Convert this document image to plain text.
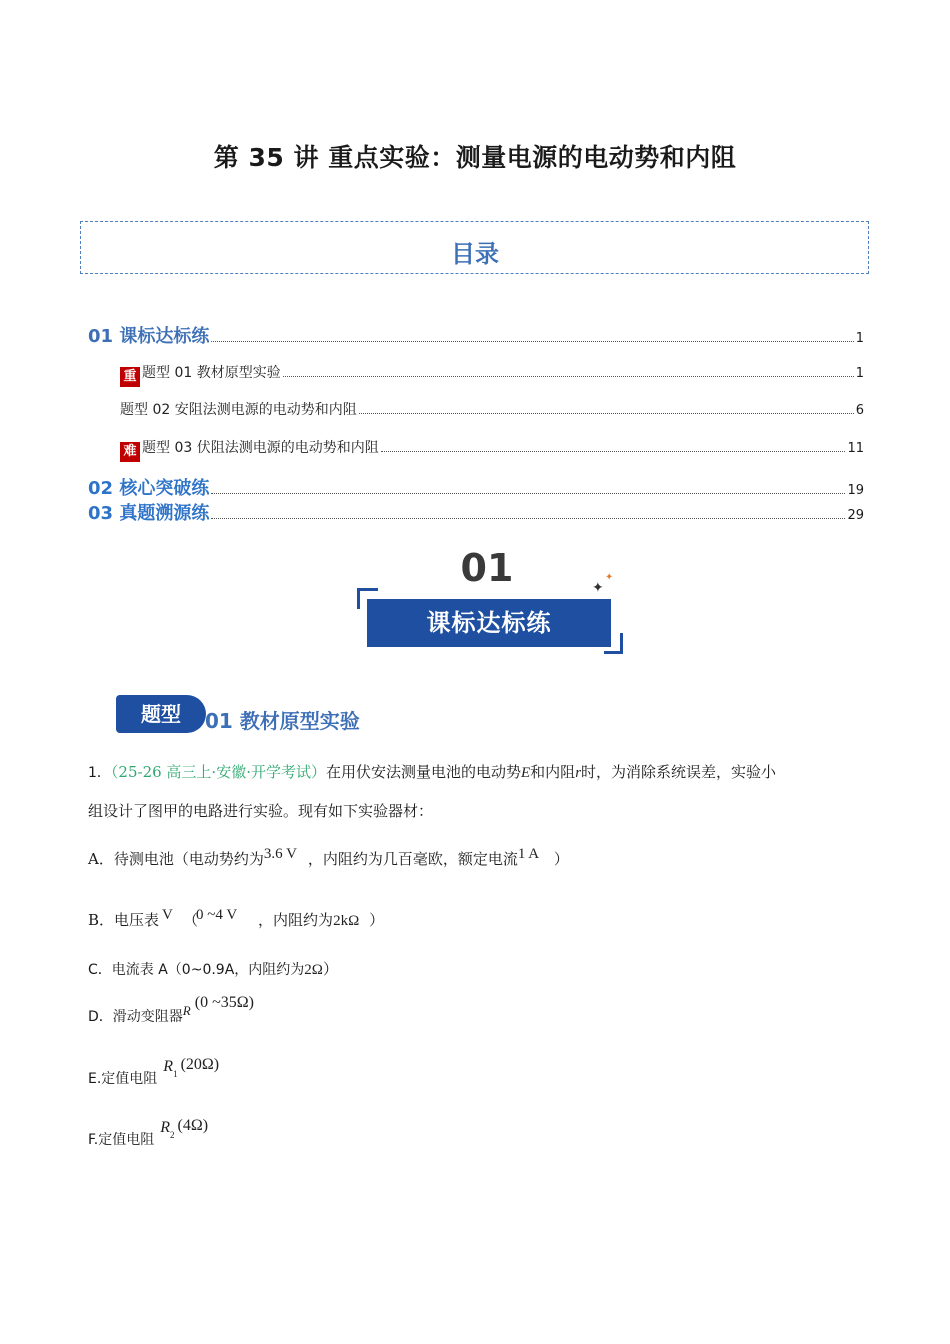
第 35 讲 重点实验：测量电源的电动势和内阻
目录
01 课标达标练	1
重 题型 01 教材原型实验	1
题型 02 安阻法测电源的电动势和内阻	6
难 题型 03 伏阻法测电源的电动势和内阻	11
02 核心突破练	19
03 真题溯源练	29
01	✦
✦
课标达标练
题型	01 教材原型实验
1．（25-26 高三上·安徽·开学考试）在用伏安法测量电池的电动势E和内阻r时，为消除系统误差，实验小
组设计了图甲的电路进行实验。现有如下实验器材：
A．待测电池（电动势约为 3.6 V ，内阻约为几百毫欧，额定电流 1 A ）
B．电压表 V （
0 ~4 V ，内阻约为 2kΩ ）
C．电流表 A（0~0.9A，内阻约为2Ω）
D．滑动变阻器R (0 ~35Ω)
E.定值电阻$R_1(20\Omega)$
F.定值电阻$R_2(4\Omega)$
